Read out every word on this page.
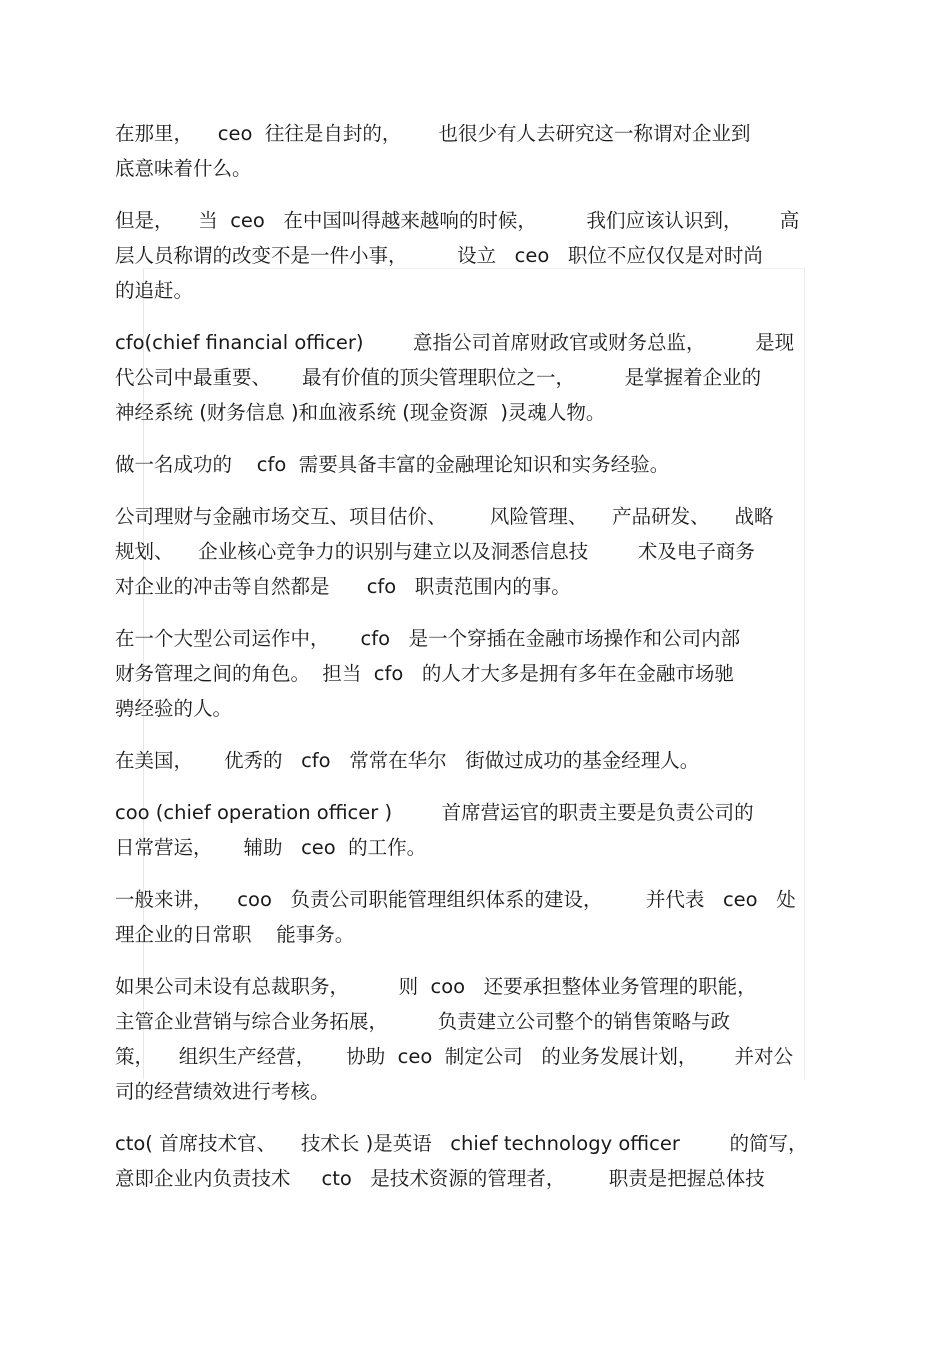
在那里，    ceo  往往是自封的，      也很少有人去研究这一称谓对企业到
底意味着什么。
但是，    当  ceo   在中国叫得越来越响的时候，        我们应该认识到，      高
层人员称谓的改变不是一件小事，        设立   ceo   职位不应仅仅是对时尚
的追赶。
cfo(chief financial officer)        意指公司首席财政官或财务总监，        是现
代公司中最重要、     最有价值的顶尖管理职位之一，        是掌握着企业的
神经系统 (财务信息 )和血液系统 (现金资源  )灵魂人物。
做一名成功的    cfo  需要具备丰富的金融理论知识和实务经验。
公司理财与金融市场交互、项目估价、       风险管理、    产品研发、    战略
规划、    企业核心竞争力的识别与建立以及洞悉信息技        术及电子商务
对企业的冲击等自然都是      cfo   职责范围内的事。
在一个大型公司运作中，     cfo   是一个穿插在金融市场操作和公司内部
财务管理之间的角色。  担当  cfo   的人才大多是拥有多年在金融市场驰
骋经验的人。
在美国，     优秀的   cfo   常常在华尔   街做过成功的基金经理人。
coo (chief operation officer )        首席营运官的职责主要是负责公司的
日常营运，     辅助   ceo  的工作。
一般来讲，    coo   负责公司职能管理组织体系的建设，       并代表   ceo   处
理企业的日常职    能事务。
如果公司未设有总裁职务，        则  coo   还要承担整体业务管理的职能，
主管企业营销与综合业务拓展，        负责建立公司整个的销售策略与政
策，    组织生产经营，     协助  ceo  制定公司   的业务发展计划，      并对公
司的经营绩效进行考核。
cto( 首席技术官、    技术长 )是英语   chief technology officer        的简写，
意即企业内负责技术     cto   是技术资源的管理者，       职责是把握总体技
